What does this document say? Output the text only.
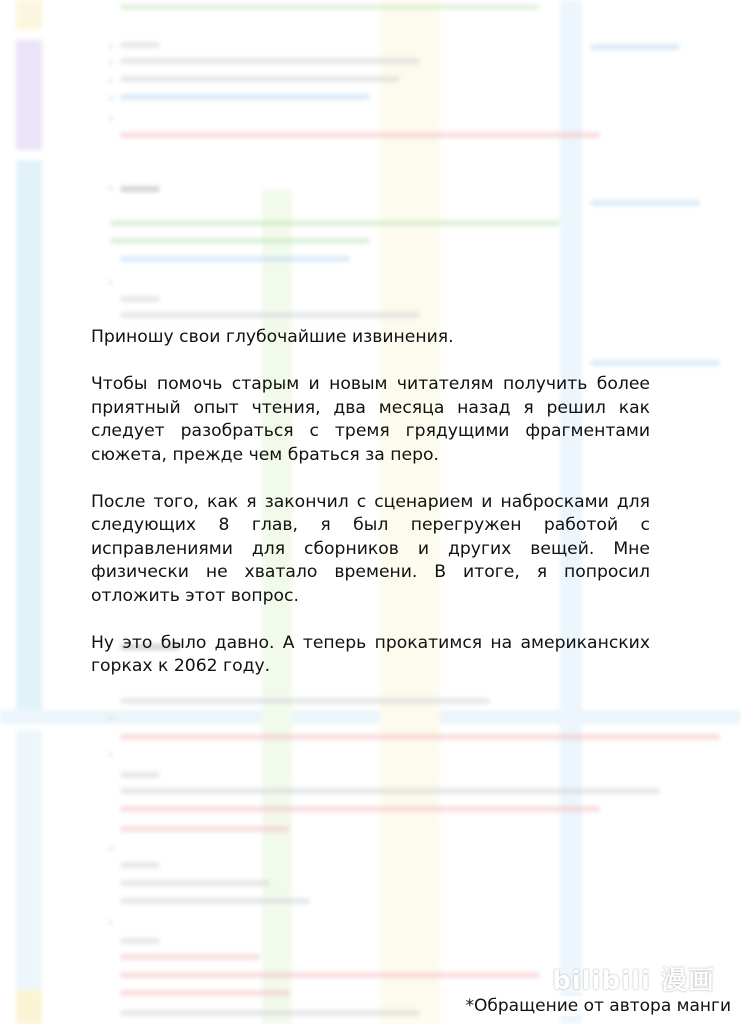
Приношу свои глубочайшие извинения.

Чтобы помочь старым и новым читателям получить более приятный опыт чтения, два месяца назад я решил как следует разобраться с тремя грядущими фрагментами сюжета, прежде чем браться за перо.

После того, как я закончил с сценарием и набросками для следующих 8 глав, я был перегружен работой с исправлениями для сборников и других вещей. Мне физически не хватало времени. В итоге, я попросил отложить этот вопрос.

Ну это было давно. А теперь прокатимся на американских горках к 2062 году.

bilibili 漫画
*Обращение от автора манги
